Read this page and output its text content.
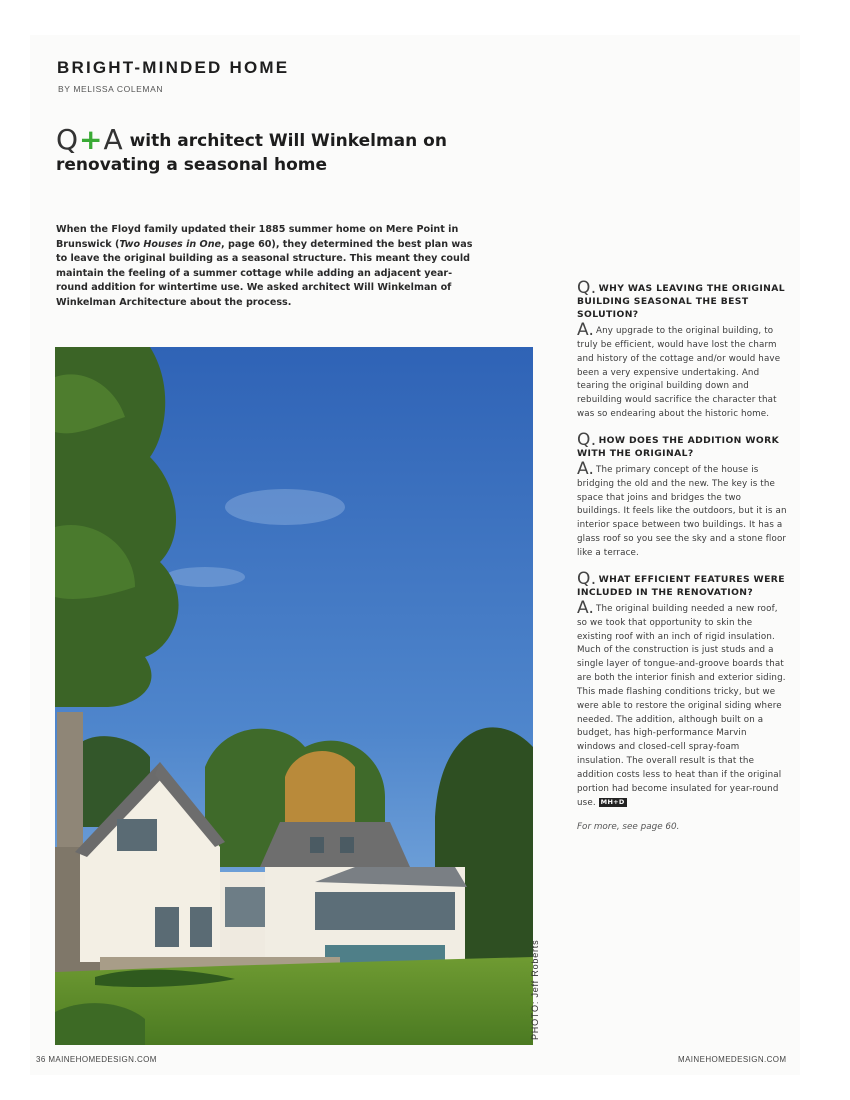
BRIGHT-MINDED HOME
BY MELISSA COLEMAN
Q+A with architect Will Winkelman on
renovating a seasonal home
When the Floyd family updated their 1885 summer home on Mere Point in Brunswick (Two Houses in One, page 60), they determined the best plan was to leave the original building as a seasonal structure. This meant they could maintain the feeling of a summer cottage while adding an adjacent year-round addition for wintertime use. We asked architect Will Winkelman of Winkelman Architecture about the process.
PHOTO: Jeff Roberts

Q. WHY WAS LEAVING THE ORIGINAL BUILDING SEASONAL THE BEST SOLUTION?

A. Any upgrade to the original building, to truly be efficient, would have lost the charm and history of the cottage and/or would have been a very expensive undertaking. And tearing the original building down and rebuilding would sacrifice the character that was so endearing about the historic home.

Q. HOW DOES THE ADDITION WORK WITH THE ORIGINAL?

A. The primary concept of the house is bridging the old and the new. The key is the space that joins and bridges the two buildings. It feels like the outdoors, but it is an interior space between two buildings. It has a glass roof so you see the sky and a stone floor like a terrace.

Q. WHAT EFFICIENT FEATURES WERE INCLUDED IN THE RENOVATION?

A. The original building needed a new roof, so we took that opportunity to skin the existing roof with an inch of rigid insulation. Much of the construction is just studs and a single layer of tongue-and-groove boards that are both the interior finish and exterior siding. This made flashing conditions tricky, but we were able to restore the original siding where needed. The addition, although built on a budget, has high-performance Marvin windows and closed-cell spray-foam insulation. The overall result is that the addition costs less to heat than if the original portion had become insulated for year-round use. MH+D

For more, see page 60.
36 MAINEHOMEDESIGN.COM	MAINEHOMEDESIGN.COM
